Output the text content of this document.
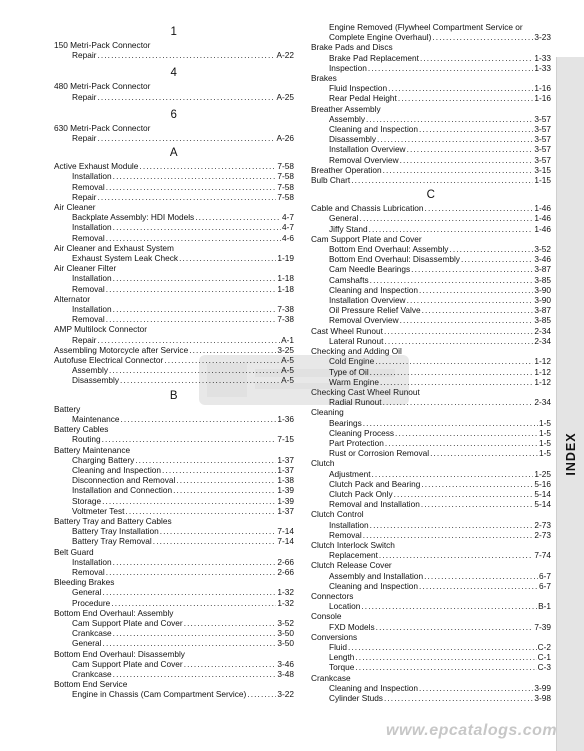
1
150 Metri-Pack Connector
Repair . . .	A-22
4
480 Metri-Pack Connector
Repair . . .	A-25
6
630 Metri-Pack Connector
Repair . . .	A-26
A
Active Exhaust Module . . .	7-58
Installation . . .	7-58
Removal . . .	7-58
Repair . . .	7-58
Air Cleaner
Backplate Assembly: HDI Models . . .	4-7
Installation . . .	4-7
Removal . . .	4-6
Air Cleaner and Exhaust System
Exhaust System Leak Check . . .	1-19
Air Cleaner Filter
Installation . . .	1-18
Removal . . .	1-18
Alternator
Installation . . .	7-38
Removal . . .	7-38
AMP Multilock Connector
Repair . . .	A-1
Assembling Motorcycle after Service . . .	3-25
Autofuse Electrical Connector . . .	A-5
Assembly . . .	A-5
Disassembly . . .	A-5
B
Battery
Maintenance . . .	1-36
Battery Cables
Routing . . .	7-15
Battery Maintenance
Charging Battery . . .	1-37
Cleaning and Inspection . . .	1-37
Disconnection and Removal . . .	1-38
Installation and Connection . . .	1-39
Storage . . .	1-39
Voltmeter Test . . .	1-37
Battery Tray and Battery Cables
Battery Tray Installation . . .	7-14
Battery Tray Removal . . .	7-14
Belt Guard
Installation . . .	2-66
Removal . . .	2-66
Bleeding Brakes
General . . .	1-32
Procedure . . .	1-32
Bottom End Overhaul: Assembly
Cam Support Plate and Cover . . .	3-52
Crankcase . . .	3-50
General . . .	3-50
Bottom End Overhaul: Disassembly
Cam Support Plate and Cover . . .	3-46
Crankcase . . .	3-48
Bottom End Service
Engine in Chassis (Cam Compartment Service) . . .	3-22
Engine Removed (Flywheel Compartment Service or
Complete Engine Overhaul) . . .	3-23
Brake Pads and Discs
Brake Pad Replacement . . .	1-33
Inspection . . .	1-33
Brakes
Fluid Inspection . . .	1-16
Rear Pedal Height . . .	1-16
Breather Assembly
Assembly . . .	3-57
Cleaning and Inspection . . .	3-57
Disassembly . . .	3-57
Installation Overview . . .	3-57
Removal Overview . . .	3-57
Breather Operation . . .	3-15
Bulb Chart . . .	1-15
C
Cable and Chassis Lubrication . . .	1-46
General . . .	1-46
Jiffy Stand . . .	1-46
Cam Support Plate and Cover
Bottom End Overhaul: Assembly . . .	3-52
Bottom End Overhaul: Disassembly . . .	3-46
Cam Needle Bearings . . .	3-87
Camshafts . . .	3-85
Cleaning and Inspection . . .	3-90
Installation Overview . . .	3-90
Oil Pressure Relief Valve . . .	3-87
Removal Overview . . .	3-85
Cast Wheel Runout . . .	2-34
Lateral Runout . . .	2-34
Checking and Adding Oil
Cold Engine . . .	1-12
Type of Oil . . .	1-12
Warm Engine . . .	1-12
Checking Cast Wheel Runout
Radial Runout . . .	2-34
Cleaning
Bearings . . .	1-5
Cleaning Process . . .	1-5
Part Protection . . .	1-5
Rust or Corrosion Removal . . .	1-5
Clutch
Adjustment . . .	1-25
Clutch Pack and Bearing . . .	5-16
Clutch Pack Only . . .	5-14
Removal and Installation . . .	5-14
Clutch Control
Installation . . .	2-73
Removal . . .	2-73
Clutch Interlock Switch
Replacement . . .	7-74
Clutch Release Cover
Assembly and Installation . . .	6-7
Cleaning and Inspection . . .	6-7
Connectors
Location . . .	B-1
Console
FXD Models . . .	7-39
Conversions
Fluid . . .	C-2
Length . . .	C-1
Torque . . .	C-3
Crankcase
Cleaning and Inspection . . .	3-99
Cylinder Studs . . .	3-98
INDEX
www.epcatalogs.com
